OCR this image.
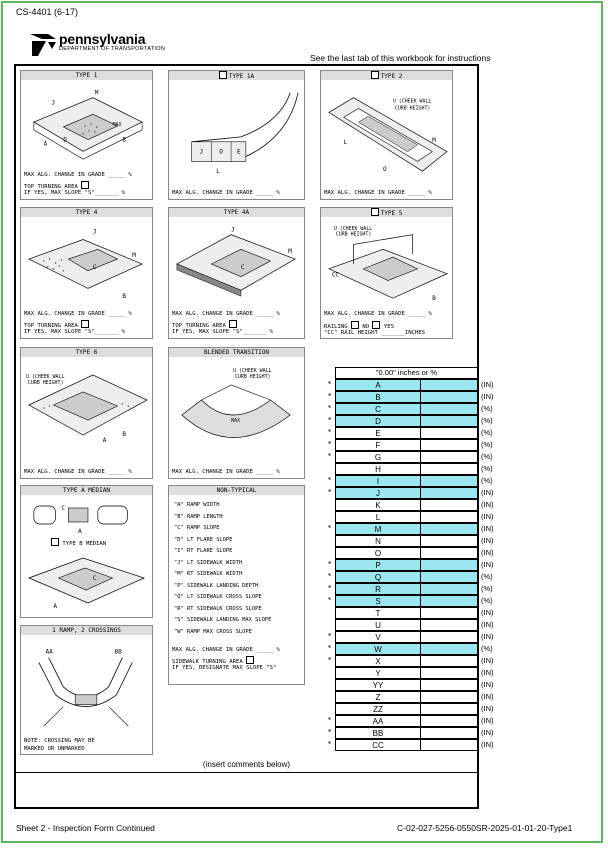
CS-4401 (6-17)
pennsylvania
DEPARTMENT OF TRANSPORTATION
See the last tab of this workbook for instructions
TYPE 1
J
M
MAX
D	B
A
MAX ALG. CHANGE IN GRADE _____ %
TOP TURNING AREA
IF YES, MAX SLOPE "S"_______ %
TYPE 1A
J	O E
L
MAX ALG. CHANGE IN GRADE _____ %
TYPE 2
U (CHEEK WALL
CURB HEIGHT)
L
O
M
MAX ALG. CHANGE IN GRADE _____ %
TYPE 4
J
M
C
B
MAX ALG. CHANGE IN GRADE _____ %
TOP TURNING AREA
IF YES, MAX SLOPE "S"_______ %
TYPE 4A
J
M
C
MAX ALG. CHANGE IN GRADE _____ %
TOP TURNING AREA
IF YES, MAX SLOPE "S"_______ %
TYPE 5
U (CHEEK WALL
CURB HEIGHT)
CC
B
MAX ALG. CHANGE IN GRADE _____ %
RAILING	NO	YES
"CC" RAIL HEIGHT _______INCHES
TYPE 6
U (CHEEK WALL
CURB HEIGHT)
B
A
MAX ALG. CHANGE IN GRADE _____ %
BLENDED TRANSITION
U (CHEEK WALL
CURB HEIGHT)
MAX
MAX ALG. CHANGE IN GRADE _____ %
TYPE A MEDIAN
C
A
TYPE B MEDIAN
C
A
1 RAMP, 2 CROSSINGS
AA	BB
NOTE: CROSSING MAY BE
MARKED OR UNMARKED
NON-TYPICAL
"A" RAMP WIDTH
"B" RAMP LENGTH
"C" RAMP SLOPE
"D" LT FLARE SLOPE
"I" RT FLARE SLOPE
"J" LT SIDEWALK WIDTH
"M" RT SIDEWALK WIDTH
"P" SIDEWALK LANDING DEPTH
"Q" LT SIDEWALK CROSS SLOPE
"R" RT SIDEWALK CROSS SLOPE
"S" SIDEWALK LANDING MAX SLOPE
"W" RAMP MAX CROSS SLOPE
MAX ALG. CHANGE IN GRADE _____ %
SIDEWALK TURNING AREA
IF YES, DESIGNATE MAX SLOPE "S"
"0.00" inches or %
*	A	(IN)
*	B	(IN)
*	C	(%)
*	D	(%)
*	E	(%)
*	F	(%)
*	G	(%)
H	(%)
*	I	(%)
*	J	(IN)
K	(IN)
L	(IN)
*	M	(IN)
N	(IN)
O	(IN)
*	P	(IN)
*	Q	(%)
*	R	(%)
*	S	(%)
T	(IN)
U	(IN)
*	V	(IN)
*	W	(%)
*	X	(IN)
Y	(IN)
YY	(IN)
Z	(IN)
ZZ	(IN)
*	AA	(IN)
*	BB	(IN)
*	CC	(IN)
(insert comments below)
Sheet 2 - Inspection Form Continued	C-02-027-5256-0550SR-2025-01-01-20-Type1
